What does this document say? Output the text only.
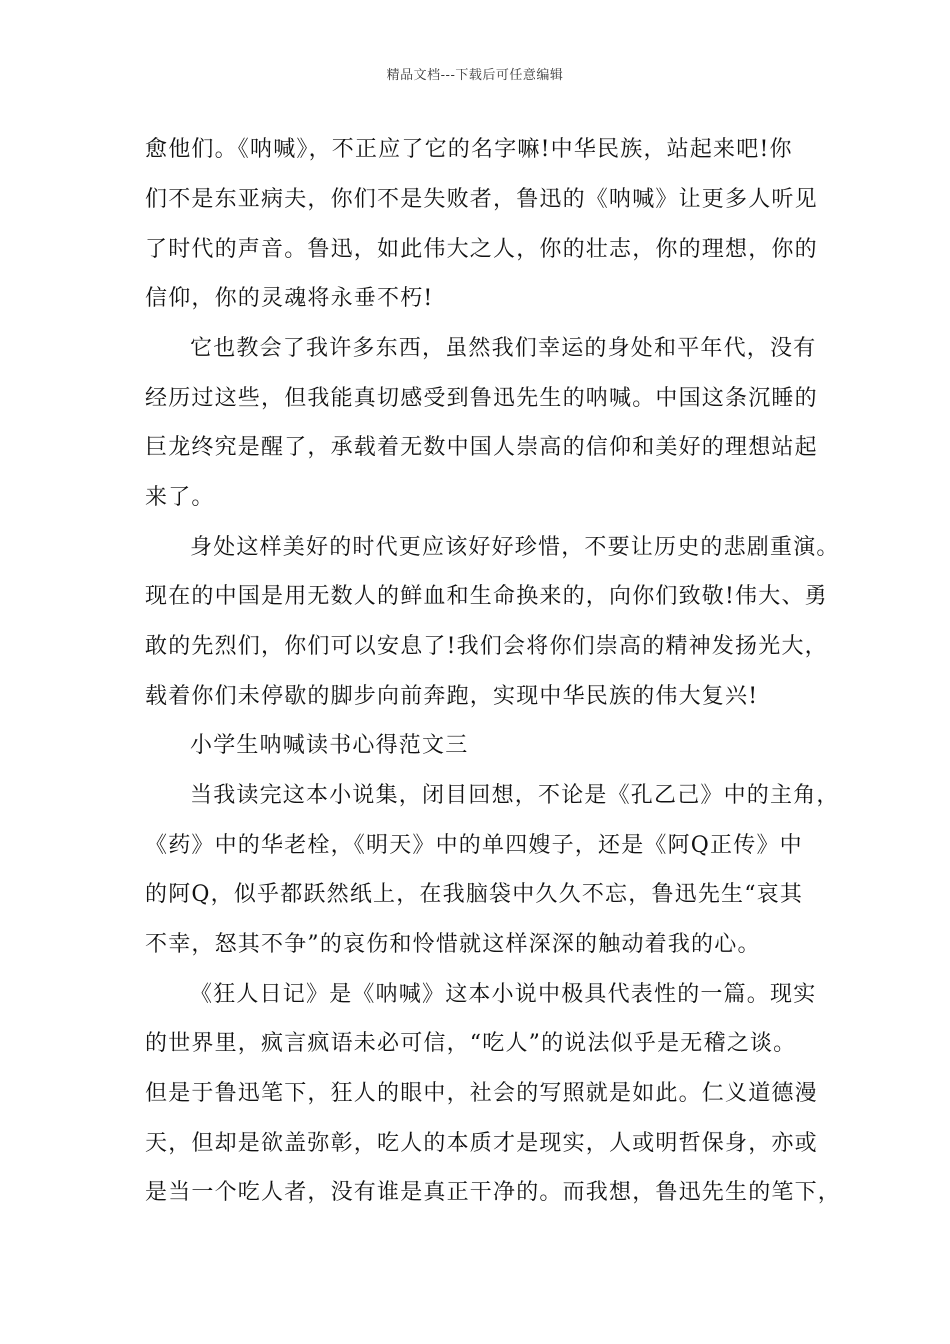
精品文档---下载后可任意编辑
愈他们。《呐喊》，不正应了它的名字嘛!中华民族，站起来吧!你
们不是东亚病夫，你们不是失败者，鲁迅的《呐喊》让更多人听见
了时代的声音。鲁迅，如此伟大之人，你的壮志，你的理想，你的
信仰，你的灵魂将永垂不朽!
它也教会了我许多东西，虽然我们幸运的身处和平年代，没有
经历过这些，但我能真切感受到鲁迅先生的呐喊。中国这条沉睡的
巨龙终究是醒了，承载着无数中国人崇高的信仰和美好的理想站起
来了。
身处这样美好的时代更应该好好珍惜，不要让历史的悲剧重演。
现在的中国是用无数人的鲜血和生命换来的，向你们致敬!伟大、勇
敢的先烈们，你们可以安息了!我们会将你们崇高的精神发扬光大，
载着你们未停歇的脚步向前奔跑，实现中华民族的伟大复兴!
小学生呐喊读书心得范文三
当我读完这本小说集，闭目回想，不论是《孔乙己》中的主角，
《药》中的华老栓，《明天》中的单四嫂子，还是《阿Q正传》中
的阿Q，似乎都跃然纸上，在我脑袋中久久不忘，鲁迅先生“哀其
不幸，怒其不争”的哀伤和怜惜就这样深深的触动着我的心。
《狂人日记》是《呐喊》这本小说中极具代表性的一篇。现实
的世界里，疯言疯语未必可信，“吃人”的说法似乎是无稽之谈。
但是于鲁迅笔下，狂人的眼中，社会的写照就是如此。仁义道德漫
天，但却是欲盖弥彰，吃人的本质才是现实，人或明哲保身，亦或
是当一个吃人者，没有谁是真正干净的。而我想，鲁迅先生的笔下，
